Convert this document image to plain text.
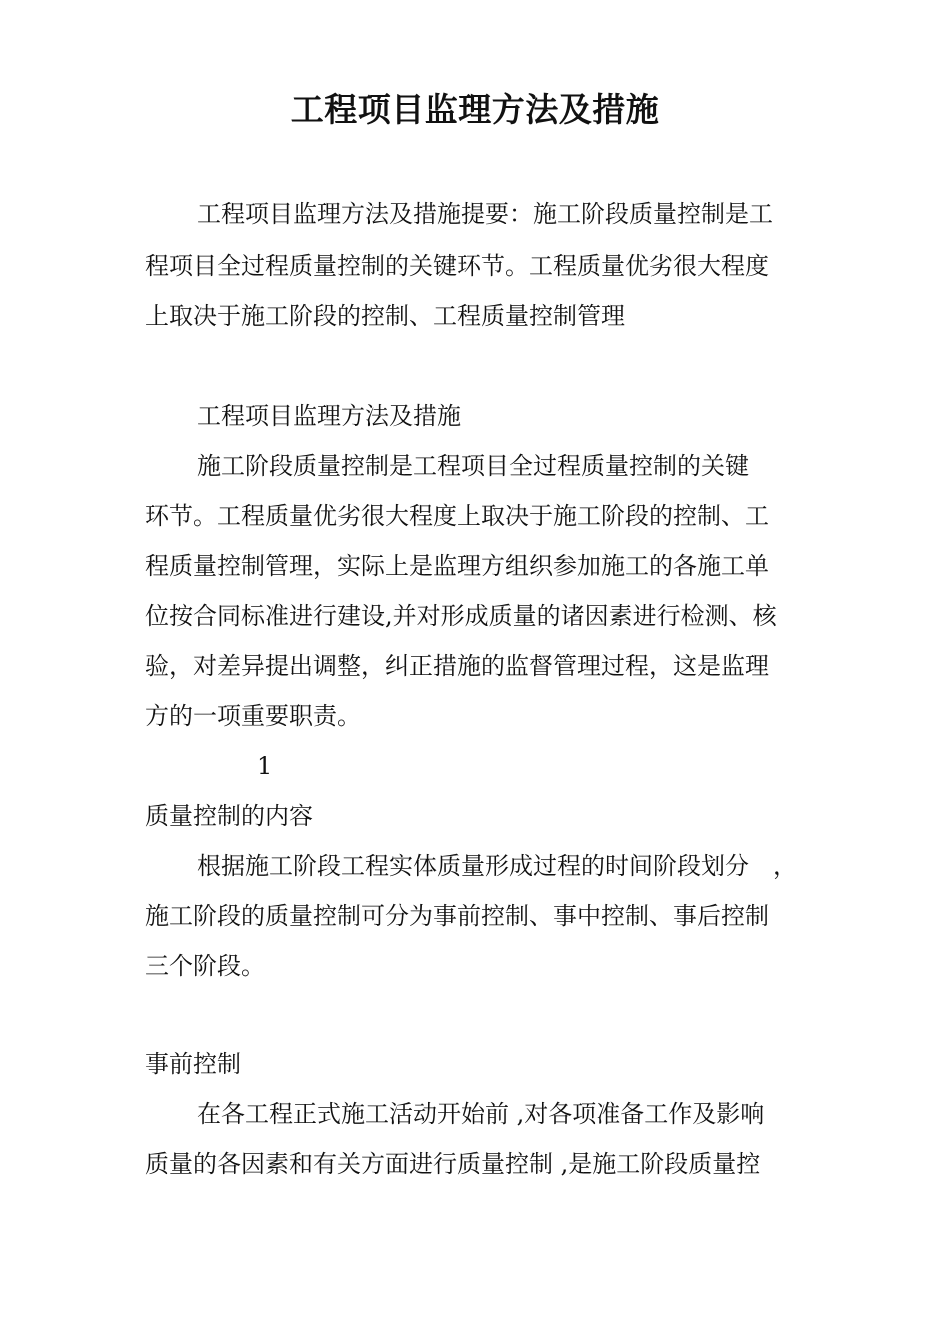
工程项目监理方法及措施
工程项目监理方法及措施提要：施工阶段质量控制是工
程项目全过程质量控制的关键环节。工程质量优劣很大程度
上取决于施工阶段的控制、工程质量控制管理
工程项目监理方法及措施
施工阶段质量控制是工程项目全过程质量控制的关键
环节。工程质量优劣很大程度上取决于施工阶段的控制、工
程质量控制管理，实际上是监理方组织参加施工的各施工单
位按合同标准进行建设,并对形成质量的诸因素进行检测、核
验，对差异提出调整，纠正措施的监督管理过程，这是监理
方的一项重要职责。
1
质量控制的内容
根据施工阶段工程实体质量形成过程的时间阶段划分　，
施工阶段的质量控制可分为事前控制、事中控制、事后控制
三个阶段。
事前控制
在各工程正式施工活动开始前 ,对各项准备工作及影响
质量的各因素和有关方面进行质量控制 ,是施工阶段质量控
